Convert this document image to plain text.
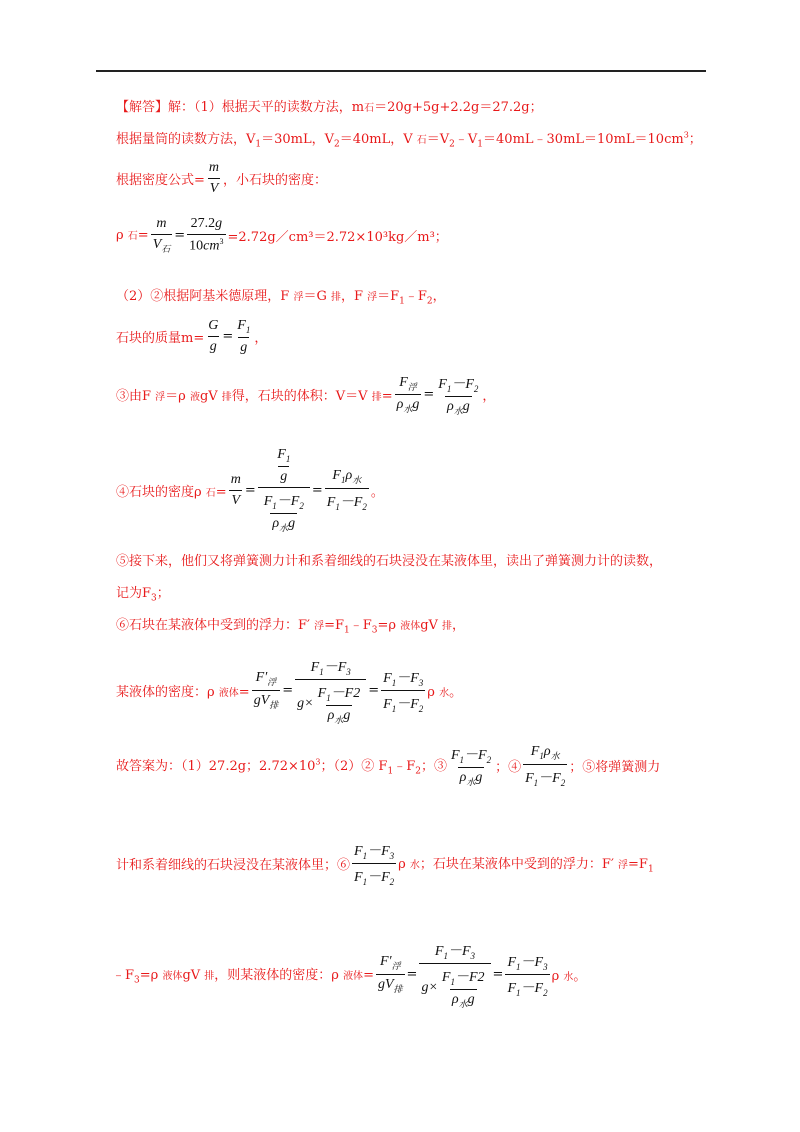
【解答】解：（1）根据天平的读数方法，m石＝20g+5g+2.2g＝27.2g；
根据量筒的读数方法，$V_1=30mL$，$V_2=40mL$，V 石$=V_2﹣V_1=40mL﹣30mL=10mL=10cm^3$；
根据密度公式= $\frac{m}{V}$ ，小石块的密度：
ρ 石= $\frac{m}{V_石} = \frac{27.2g}{10cm^3}$ =2.72g／cm³＝2.72×10³kg／m³；
（2）②根据阿基米德原理，F 浮＝G 排，F 浮$=F_1﹣F_2$，
石块的质量$m= \frac{G}{g} = \frac{F_1}{g}$ ，
③由F 浮＝ρ 液gV 排得，石块的体积：V＝V 排= $\frac{F_浮}{\rho_水g} = \frac{F_1-F_2}{\rho_水g}$ ，
④石块的密度ρ 石= $\frac{m}{V} = \frac{\frac{F_1}{g}}{\frac{F_1-F_2}{\rho_水g}} = \frac{F_1\rho_水}{F_1-F_2}$ 。
⑤接下来，他们又将弹簧测力计和系着细线的石块浸没在某液体里，读出了弹簧测力计的读数，
记为$F_3$；
⑥石块在某液体中受到的浮力：F′ 浮$=F_1﹣F_3=\rho$ 液体gV 排，
某液体的密度：ρ 液体= $\frac{F'_浮}{gV_排} = \frac{F_1-F_3}{g\times \frac{F_1-F2}{\rho_水g}} = \frac{F_1-F_3}{F_1-F_2}$ ρ 水。
故答案为：（1）27.2g；$2.72\times 10^3$；（2）② $F_1﹣F_2$；③ $\frac{F_1-F_2}{\rho_水g}$ ；④ $\frac{F_1\rho_水}{F_1-F_2}$ ；⑤将弹簧测力
计和系着细线的石块浸没在某液体里；⑥ $\frac{F_1-F_3}{F_1-F_2}$ ρ 水；石块在某液体中受到的浮力：F′ 浮$=F_1$
$﹣F_3=\rho$ 液体gV 排，则某液体的密度：ρ 液体= $\frac{F'_浮}{gV_排} = \frac{F_1-F_3}{g\times \frac{F_1-F2}{\rho_水g}} = \frac{F_1-F_3}{F_1-F_2}$ ρ 水。
